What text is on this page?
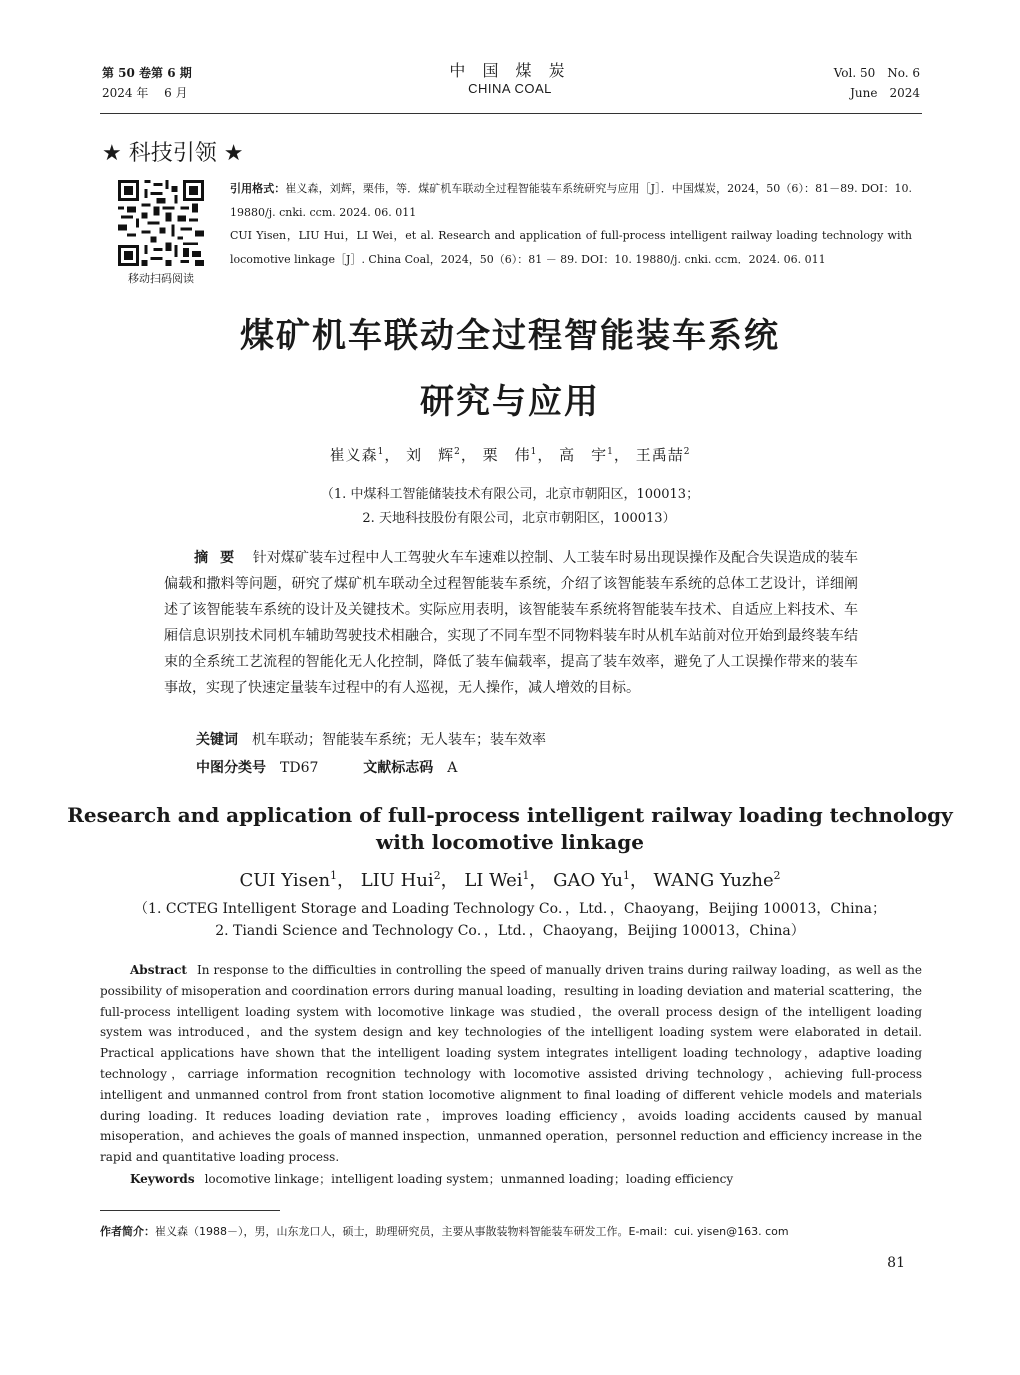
第 50 卷第 6 期
2024 年　 6 月
中 国 煤 炭
CHINA COAL
Vol. 50　No. 6
June　2024
★ 科技引领 ★
移动扫码阅读
引用格式：崔义森，刘辉，栗伟，等．煤矿机车联动全过程智能装车系统研究与应用［J］．中国煤炭，2024，50（6）：81－89. DOI：10. 19880/j. cnki. ccm. 2024. 06. 011
CUI Yisen，LIU Hui，LI Wei，et al. Research and application of full-process intelligent railway loading technology with locomotive linkage［J］. China Coal，2024，50（6）：81 － 89. DOI：10. 19880/j. cnki. ccm．2024. 06. 011
煤矿机车联动全过程智能装车系统
研究与应用
崔义森$^1$， 刘　辉$^2$， 栗　伟$^1$， 高　宇$^1$， 王禹喆$^2$
（1. 中煤科工智能储装技术有限公司，北京市朝阳区，100013；
2. 天地科技股份有限公司，北京市朝阳区，100013）
摘要 针对煤矿装车过程中人工驾驶火车车速难以控制、人工装车时易出现误操作及配合失误造成的装车偏载和撒料等问题，研究了煤矿机车联动全过程智能装车系统，介绍了该智能装车系统的总体工艺设计，详细阐述了该智能装车系统的设计及关键技术。实际应用表明，该智能装车系统将智能装车技术、自适应上料技术、车厢信息识别技术同机车辅助驾驶技术相融合，实现了不同车型不同物料装车时从机车站前对位开始到最终装车结束的全系统工艺流程的智能化无人化控制，降低了装车偏载率，提高了装车效率，避免了人工误操作带来的装车事故，实现了快速定量装车过程中的有人巡视，无人操作，减人增效的目标。
关键词 机车联动；智能装车系统；无人装车；装车效率
中图分类号 TD67	文献标志码 A
Research and application of full-process intelligent railway loading technology
with locomotive linkage
CUI Yisen$^1$， LIU Hui$^2$， LI Wei$^1$， GAO Yu$^1$， WANG Yuzhe$^2$
（1. CCTEG Intelligent Storage and Loading Technology Co．，Ltd．，Chaoyang，Beijing 100013，China；
2. Tiandi Science and Technology Co．，Ltd．，Chaoyang，Beijing 100013，China）
Abstract In response to the difficulties in controlling the speed of manually driven trains during railway loading，as well as the possibility of misoperation and coordination errors during manual loading，resulting in loading deviation and material scattering，the full-process intelligent loading system with locomotive linkage was studied，the overall process design of the intelligent loading system was introduced，and the system design and key technologies of the intelligent loading system were elaborated in detail. Practical applications have shown that the intelligent loading system integrates intelligent loading technology，adaptive loading technology，carriage information recognition technology with locomotive assisted driving technology，achieving full-process intelligent and unmanned control from front station locomotive alignment to final loading of different vehicle models and materials during loading. It reduces loading deviation rate，improves loading efficiency，avoids loading accidents caused by manual misoperation，and achieves the goals of manned inspection，unmanned operation，personnel reduction and efficiency increase in the rapid and quantitative loading process.
Keywords locomotive linkage；intelligent loading system；unmanned loading；loading efficiency
作者简介：崔义森（1988－），男，山东龙口人，硕士，助理研究员，主要从事散装物料智能装车研发工作。E-mail：cui. yisen@163. com
81
